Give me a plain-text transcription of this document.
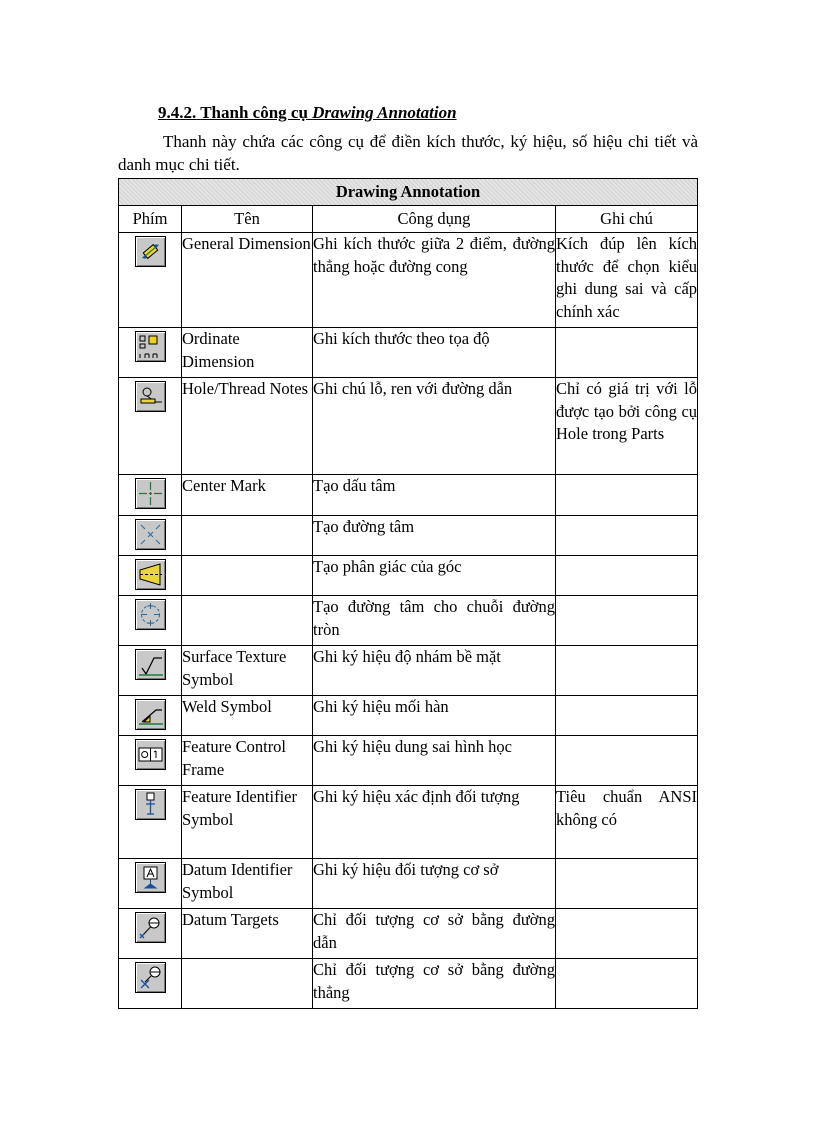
9.4.2. Thanh công cụ Drawing Annotation
Thanh này chứa các công cụ để điền kích thước, ký hiệu, số hiệu chi tiết và danh mục chi tiết.
Drawing Annotation			
Phím	Tên	Công dụng	Ghi chú

	General Dimension	Ghi kích thước giữa 2 điểm, đường thẳng hoặc đường cong	Kích đúp lên kích thước để chọn kiểu ghi dung sai và cấp chính xác

	Ordinate Dimension	Ghi kích thước theo tọa độ	

	Hole/Thread Notes	Ghi chú lỗ, ren với đường dẫn	Chỉ có giá trị với lỗ được tạo bởi công cụ Hole trong Parts

	Center Mark	Tạo dấu tâm	

		Tạo đường tâm	

		Tạo phân giác của góc	

		Tạo đường tâm cho chuỗi đường tròn	

	Surface Texture Symbol	Ghi ký hiệu độ nhám bề mặt	

	Weld Symbol	Ghi ký hiệu mối hàn	

	Feature Control Frame	Ghi ký hiệu dung sai hình học	

	Feature Identifier Symbol	Ghi ký hiệu xác định đối tượng	Tiêu chuẩn ANSI không có

	Datum Identifier Symbol	Ghi ký hiệu đối tượng cơ sở	

	Datum Targets	Chỉ đối tượng cơ sở bằng đường dẫn	

		Chỉ đối tượng cơ sở bằng đường thẳng	
